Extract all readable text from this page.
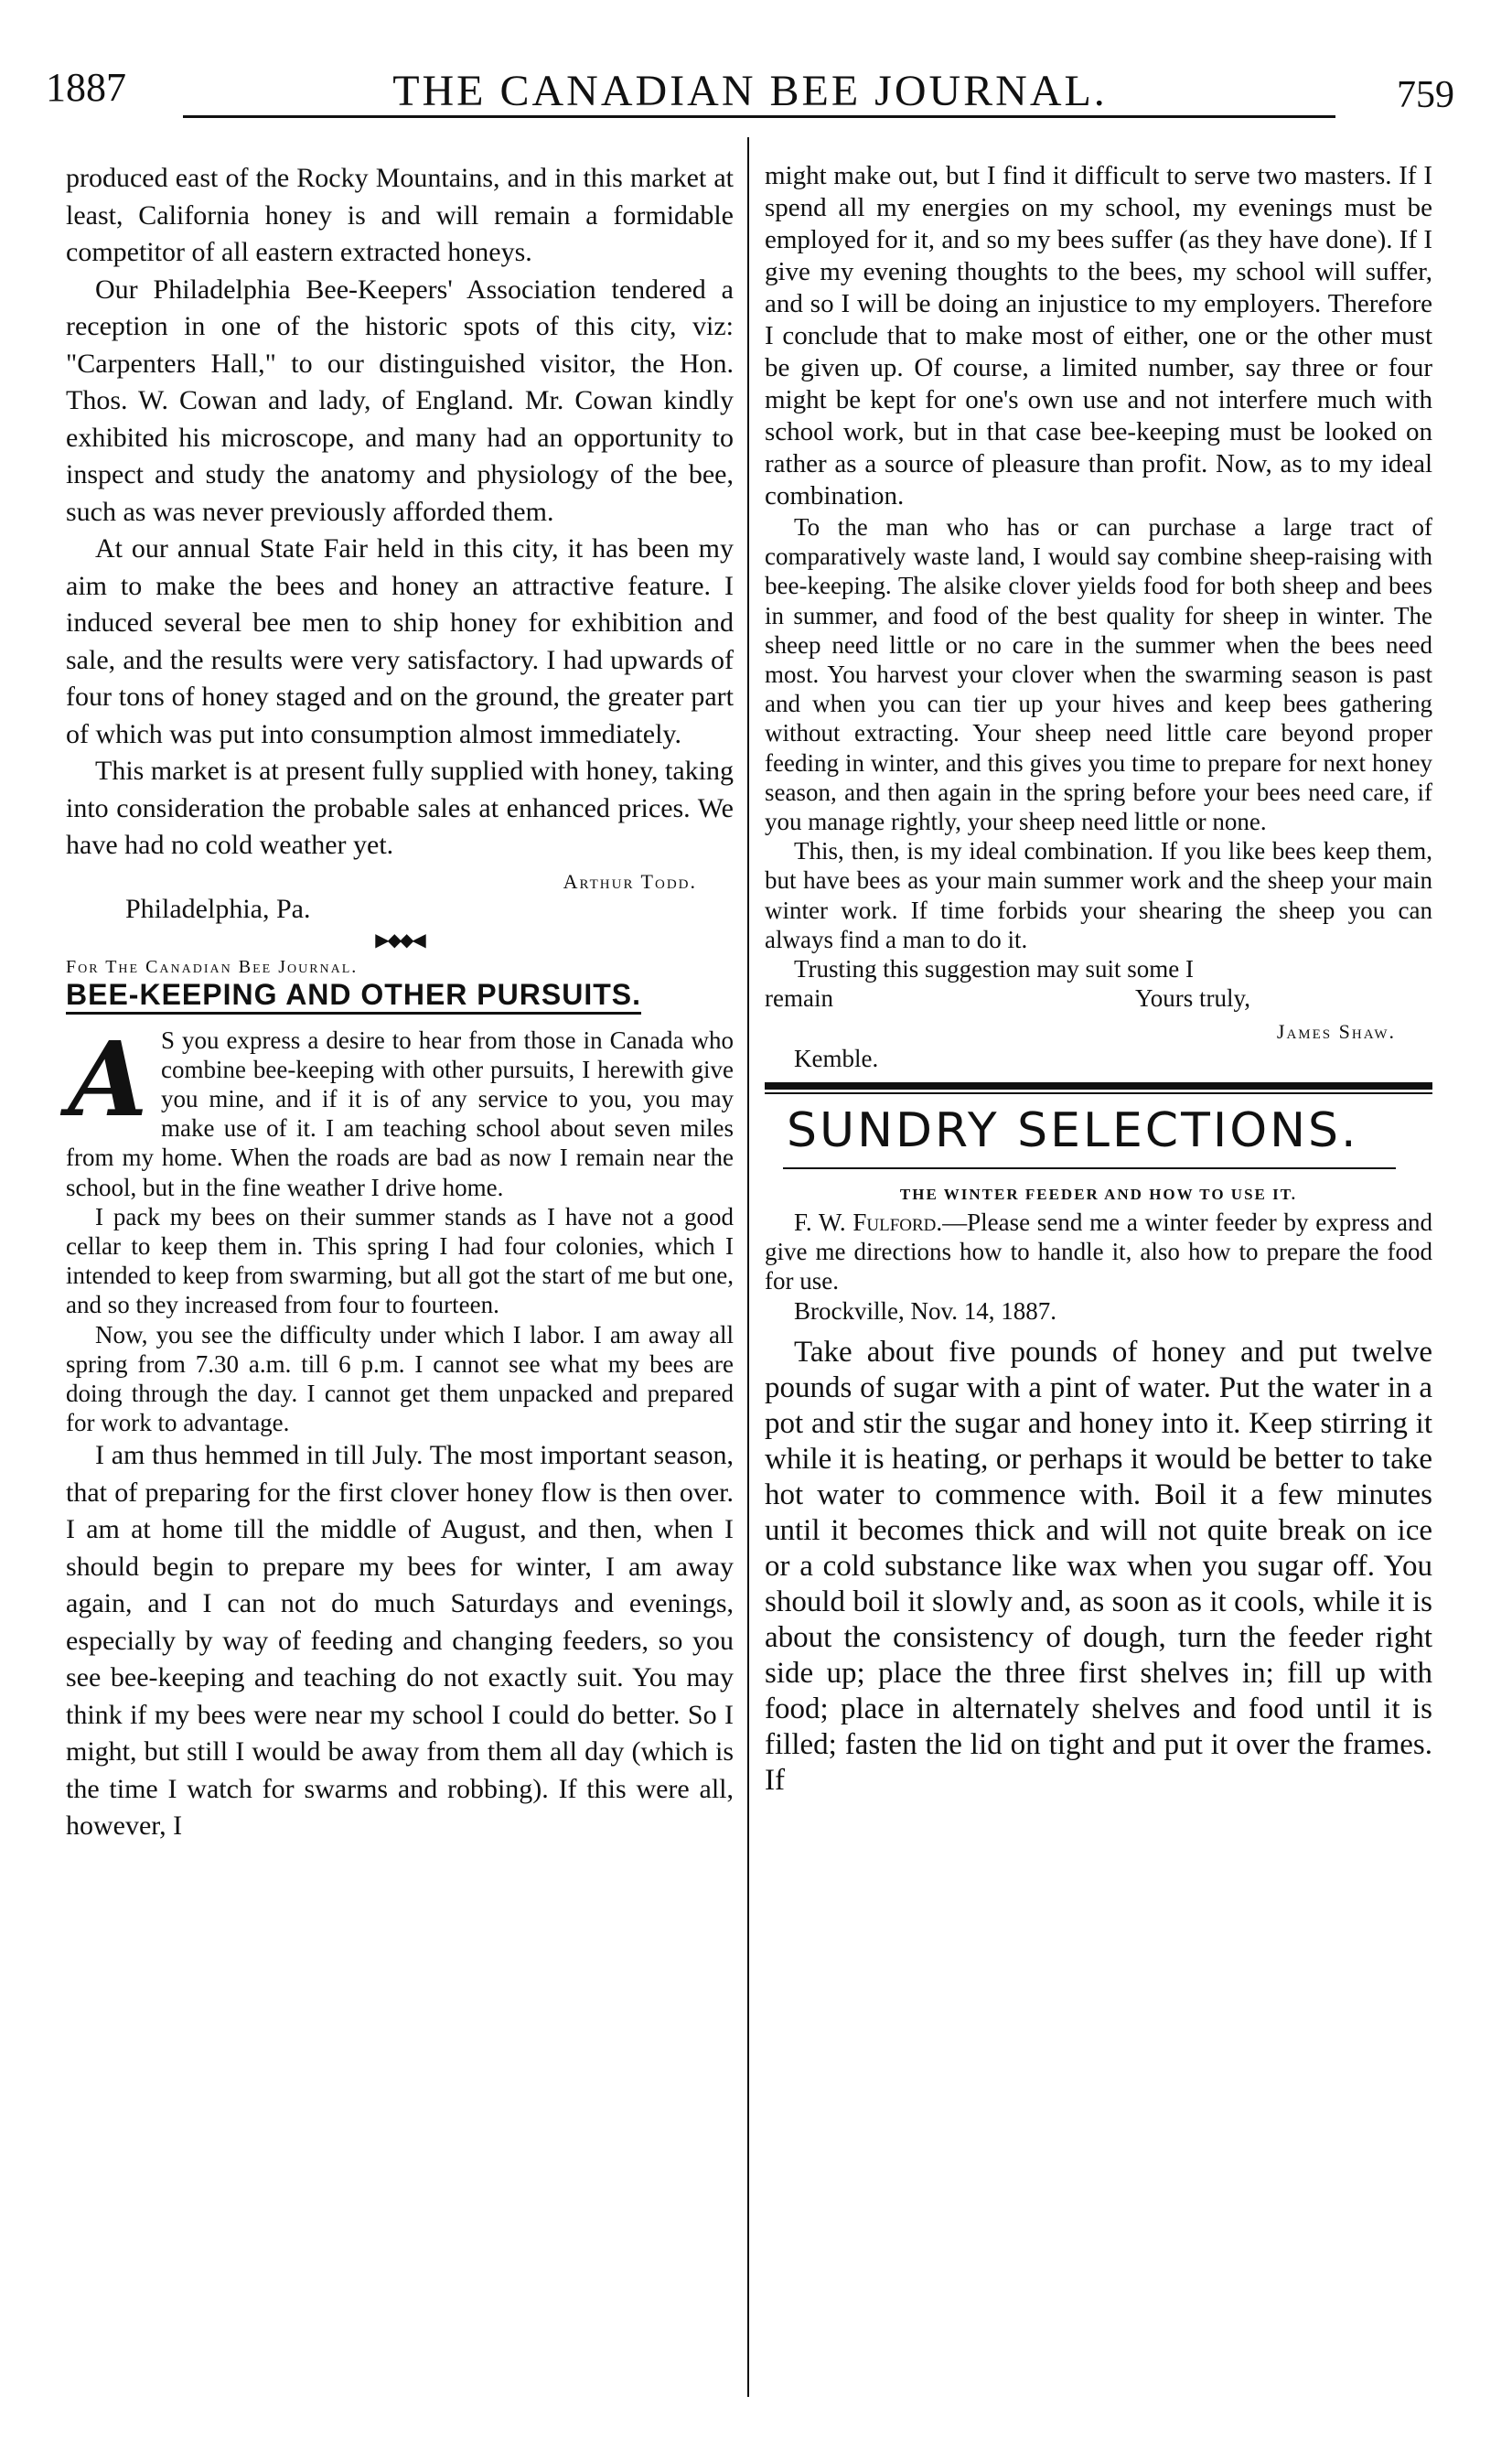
1887	THE CANADIAN BEE JOURNAL.	759

produced east of the Rocky Mountains, and in this market at least, California honey is and will remain a formidable competitor of all eastern extracted honeys.

Our Philadelphia Bee-Keepers' Association tendered a reception in one of the historic spots of this city, viz: "Carpenters Hall," to our distinguished visitor, the Hon. Thos. W. Cowan and lady, of England. Mr. Cowan kindly exhibited his microscope, and many had an opportunity to inspect and study the anatomy and physiology of the bee, such as was never previously afforded them.

At our annual State Fair held in this city, it has been my aim to make the bees and honey an attractive feature. I induced several bee men to ship honey for exhibition and sale, and the results were very satisfactory. I had upwards of four tons of honey staged and on the ground, the greater part of which was put into consumption almost immediately.

This market is at present fully supplied with honey, taking into consideration the probable sales at enhanced prices. We have had no cold weather yet.

Arthur Todd.
Philadelphia, Pa.
▶◆◆◀
For The Canadian Bee Journal.
BEE-KEEPING AND OTHER PURSUITS.
A S you express a desire to hear from those in Canada who combine bee-keeping with other pursuits, I herewith give you mine, and if it is of any service to you, you may make use of it. I am teaching school about seven miles from my home. When the roads are bad as now I remain near the school, but in the fine weather I drive home.

I pack my bees on their summer stands as I have not a good cellar to keep them in. This spring I had four colonies, which I intended to keep from swarming, but all got the start of me but one, and so they increased from four to fourteen.

Now, you see the difficulty under which I labor. I am away all spring from 7.30 a.m. till 6 p.m. I cannot see what my bees are doing through the day. I cannot get them unpacked and prepared for work to advantage.

I am thus hemmed in till July. The most important season, that of preparing for the first clover honey flow is then over. I am at home till the middle of August, and then, when I should begin to prepare my bees for winter, I am away again, and I can not do much Saturdays and evenings, especially by way of feeding and changing feeders, so you see bee-keeping and teaching do not exactly suit. You may think if my bees were near my school I could do better. So I might, but still I would be away from them all day (which is the time I watch for swarms and robbing). If this were all, however, I

might make out, but I find it difficult to serve two masters. If I spend all my energies on my school, my evenings must be employed for it, and so my bees suffer (as they have done). If I give my evening thoughts to the bees, my school will suffer, and so I will be doing an injustice to my employers. Therefore I conclude that to make most of either, one or the other must be given up. Of course, a limited number, say three or four might be kept for one's own use and not interfere much with school work, but in that case bee-keeping must be looked on rather as a source of pleasure than profit. Now, as to my ideal combination.

To the man who has or can purchase a large tract of comparatively waste land, I would say combine sheep-raising with bee-keeping. The alsike clover yields food for both sheep and bees in summer, and food of the best quality for sheep in winter. The sheep need little or no care in the summer when the bees need most. You harvest your clover when the swarming season is past and when you can tier up your hives and keep bees gathering without extracting. Your sheep need little care beyond proper feeding in winter, and this gives you time to prepare for next honey season, and then again in the spring before your bees need care, if you manage rightly, your sheep need little or none.

This, then, is my ideal combination. If you like bees keep them, but have bees as your main summer work and the sheep your main winter work. If time forbids your shearing the sheep you can always find a man to do it.

Trusting this suggestion may suit some I

remain	Yours truly,

James Shaw.

Kemble.

SUNDRY SELECTIONS.
THE WINTER FEEDER AND HOW TO USE IT.

F. W. Fulford.—Please send me a winter feeder by express and give me directions how to handle it, also how to prepare the food for use.

Brockville, Nov. 14, 1887.

Take about five pounds of honey and put twelve pounds of sugar with a pint of water. Put the water in a pot and stir the sugar and honey into it. Keep stirring it while it is heating, or perhaps it would be better to take hot water to commence with. Boil it a few minutes until it becomes thick and will not quite break on ice or a cold substance like wax when you sugar off. You should boil it slowly and, as soon as it cools, while it is about the consistency of dough, turn the feeder right side up; place the three first shelves in; fill up with food; place in alternately shelves and food until it is filled; fasten the lid on tight and put it over the frames. If
